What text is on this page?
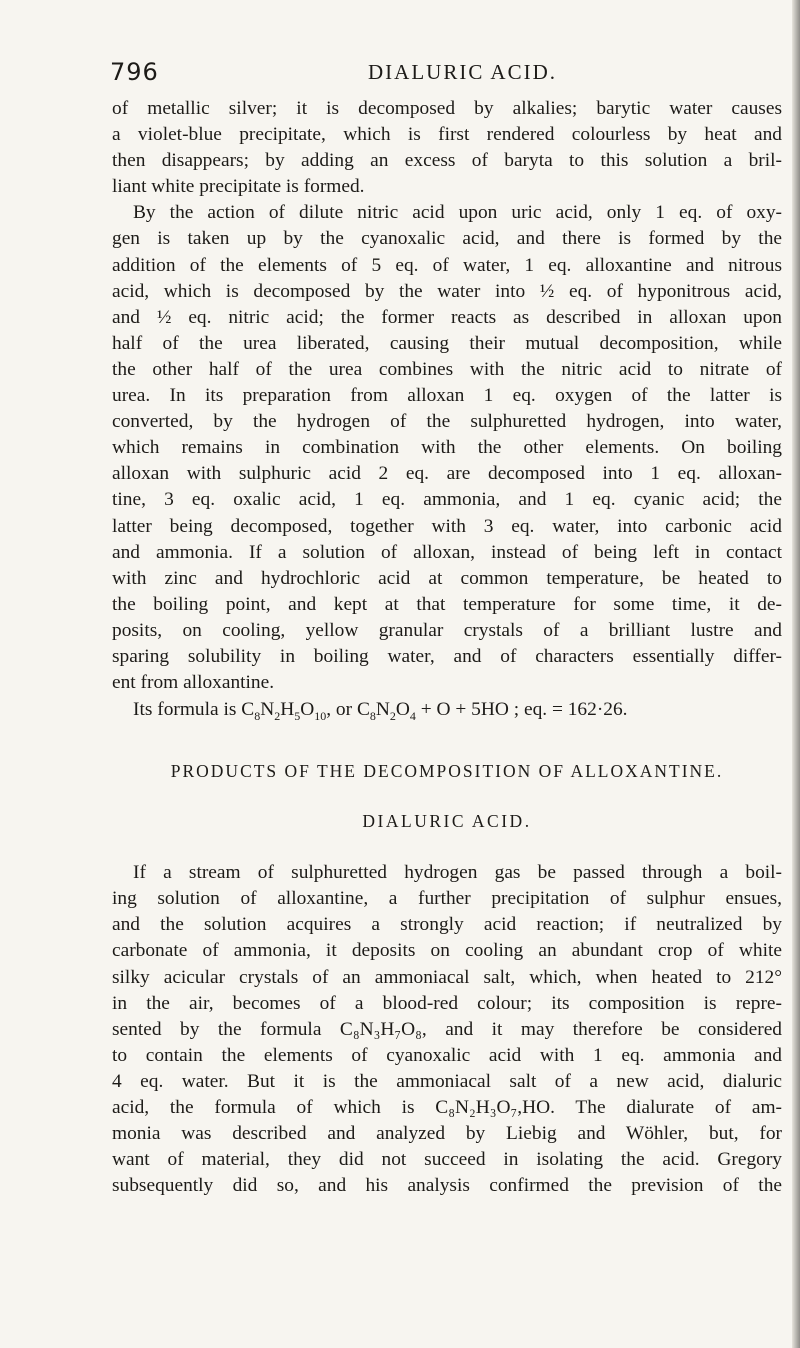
796	DIALURIC ACID.
of metallic silver; it is decomposed by alkalies; barytic water causes
a violet-blue precipitate, which is first rendered colourless by heat and
then disappears; by adding an excess of baryta to this solution a bril-
liant white precipitate is formed.
By the action of dilute nitric acid upon uric acid, only 1 eq. of oxy-
gen is taken up by the cyanoxalic acid, and there is formed by the
addition of the elements of 5 eq. of water, 1 eq. alloxantine and nitrous
acid, which is decomposed by the water into ½ eq. of hyponitrous acid,
and ½ eq. nitric acid; the former reacts as described in alloxan upon
half of the urea liberated, causing their mutual decomposition, while
the other half of the urea combines with the nitric acid to nitrate of
urea. In its preparation from alloxan 1 eq. oxygen of the latter is
converted, by the hydrogen of the sulphuretted hydrogen, into water,
which remains in combination with the other elements. On boiling
alloxan with sulphuric acid 2 eq. are decomposed into 1 eq. alloxan-
tine, 3 eq. oxalic acid, 1 eq. ammonia, and 1 eq. cyanic acid; the
latter being decomposed, together with 3 eq. water, into carbonic acid
and ammonia. If a solution of alloxan, instead of being left in contact
with zinc and hydrochloric acid at common temperature, be heated to
the boiling point, and kept at that temperature for some time, it de-
posits, on cooling, yellow granular crystals of a brilliant lustre and
sparing solubility in boiling water, and of characters essentially differ-
ent from alloxantine.
Its formula is $C_8N_2H_5O_{10}$, or $C_8N_2O_4 + O + 5HO$ ; eq. = 162·26.
PRODUCTS OF THE DECOMPOSITION OF ALLOXANTINE.
DIALURIC ACID.
If a stream of sulphuretted hydrogen gas be passed through a boil-
ing solution of alloxantine, a further precipitation of sulphur ensues,
and the solution acquires a strongly acid reaction; if neutralized by
carbonate of ammonia, it deposits on cooling an abundant crop of white
silky acicular crystals of an ammoniacal salt, which, when heated to 212°
in the air, becomes of a blood-red colour; its composition is repre-
sented by the formula C₈N₃H₇O₈, and it may therefore be considered
to contain the elements of cyanoxalic acid with 1 eq. ammonia and
4 eq. water. But it is the ammoniacal salt of a new acid, dialuric
acid, the formula of which is C₈N₂H₃O₇,HO. The dialurate of am-
monia was described and analyzed by Liebig and Wöhler, but, for
want of material, they did not succeed in isolating the acid. Gregory
subsequently did so, and his analysis confirmed the prevision of the
